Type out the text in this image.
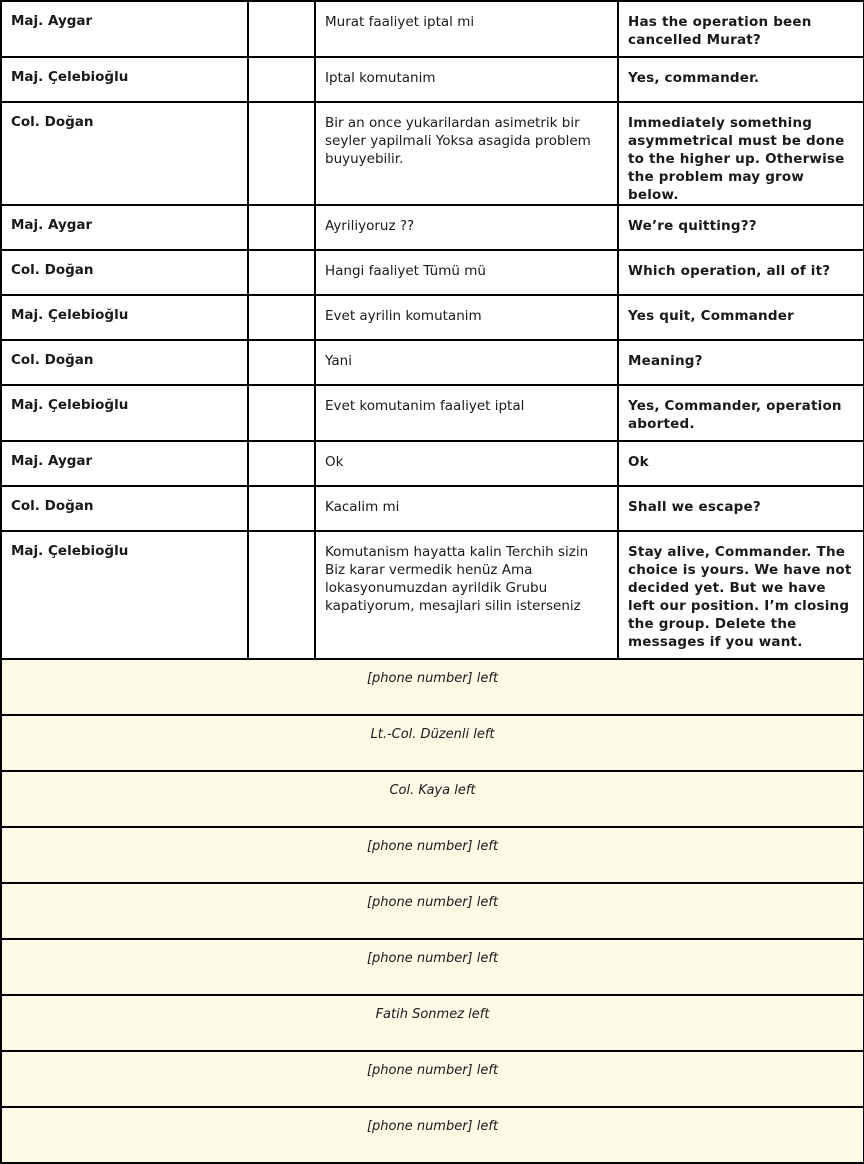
Maj. Aygar		Murat faaliyet iptal mi	Has the operation been cancelled Murat?

Maj. Çelebioğlu		Iptal komutanim	Yes, commander.

Col. Doğan		Bir an once yukarilardan asimetrik bir seyler yapilmali Yoksa asagida problem buyuyebilir.	Immediately something asymmetrical must be done to the higher up. Otherwise the problem may grow below.

Maj. Aygar		Ayriliyoruz ??	We’re quitting??

Col. Doğan		Hangi faaliyet Tümü mü	Which operation, all of it?

Maj. Çelebioğlu		Evet ayrilin komutanim	Yes quit, Commander

Col. Doğan		Yani	Meaning?

Maj. Çelebioğlu		Evet komutanim faaliyet iptal	Yes, Commander, operation aborted.

Maj. Aygar		Ok	Ok

Col. Doğan		Kacalim mi	Shall we escape?

Maj. Çelebioğlu		Komutanism hayatta kalin Terchih sizin Biz karar vermedik henüz Ama lokasyonumuzdan ayrildik Grubu kapatiyorum, mesajlari silin isterseniz	Stay alive, Commander. The choice is yours. We have not decided yet. But we have left our position. I’m closing the group. Delete the messages if you want.

[phone number] left			

Lt.-Col. Düzenli left			

Col. Kaya left			

[phone number] left			

[phone number] left			

[phone number] left			

Fatih Sonmez left			

[phone number] left			

[phone number] left			
